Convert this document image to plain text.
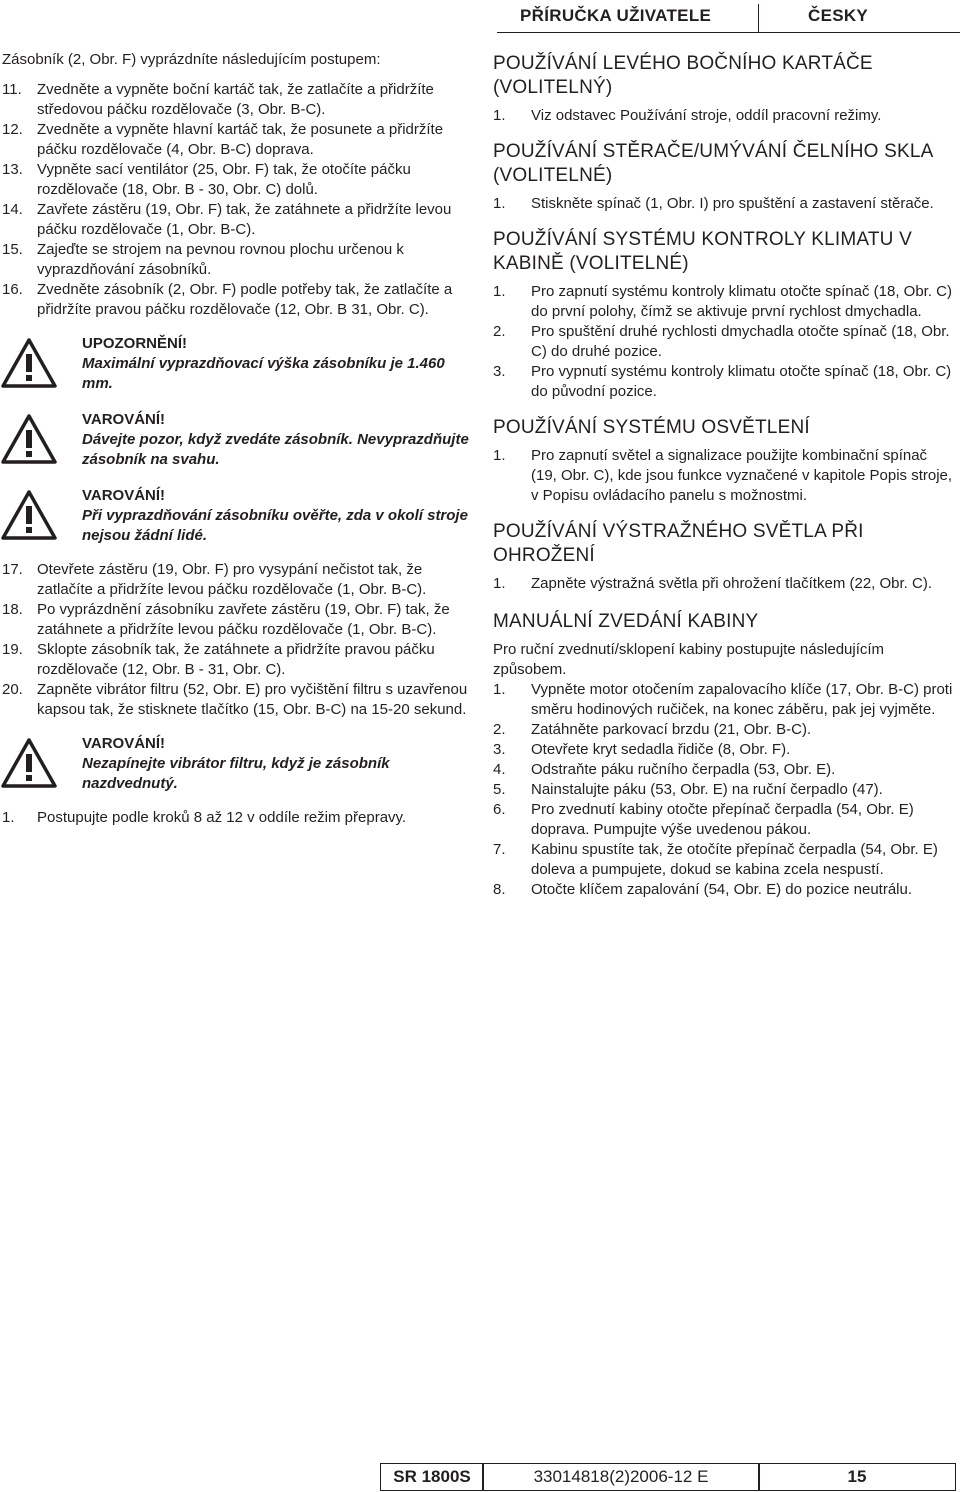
PŘÍRUČKA UŽIVATELE	ČESKY
Zásobník (2, Obr. F) vyprázdníte následujícím postupem:
11. Zvedněte a vypněte boční kartáč tak, že zatlačíte a přidržíte středovou páčku rozdělovače (3, Obr. B-C).
12. Zvedněte a vypněte hlavní kartáč tak, že posunete a přidržíte páčku rozdělovače (4, Obr. B-C) doprava.
13. Vypněte sací ventilátor (25, Obr. F) tak, že otočíte páčku rozdělovače (18, Obr. B - 30, Obr. C) dolů.
14. Zavřete zástěru (19, Obr. F) tak, že zatáhnete a přidržíte levou páčku rozdělovače (1, Obr. B-C).
15. Zajeďte se strojem na pevnou rovnou plochu určenou k vyprazdňování zásobníků.
16. Zvedněte zásobník (2, Obr. F) podle potřeby tak, že zatlačíte a přidržíte pravou páčku rozdělovače (12, Obr. B 31, Obr. C).
UPOZORNĚNÍ!
Maximální vyprazdňovací výška zásobníku je 1.460 mm.
VAROVÁNÍ!
Dávejte pozor, když zvedáte zásobník. Nevyprazdňujte zásobník na svahu.
VAROVÁNÍ!
Při vyprazdňování zásobníku ověřte, zda v okolí stroje nejsou žádní lidé.
17. Otevřete zástěru (19, Obr. F) pro vysypání nečistot tak, že zatlačíte a přidržíte levou páčku rozdělovače (1, Obr. B-C).
18. Po vyprázdnění zásobníku zavřete zástěru (19, Obr. F) tak, že zatáhnete a přidržíte levou páčku rozdělovače (1, Obr. B-C).
19. Sklopte zásobník tak, že zatáhnete a přidržíte pravou páčku rozdělovače (12, Obr. B - 31, Obr. C).
20. Zapněte vibrátor filtru (52, Obr. E) pro vyčištění filtru s uzavřenou kapsou tak, že stisknete tlačítko (15, Obr. B-C) na 15-20 sekund.
VAROVÁNÍ!
Nezapínejte vibrátor filtru, když je zásobník nazdvednutý.
1. Postupujte podle kroků 8 až 12 v oddíle režim přepravy.
POUŽÍVÁNÍ LEVÉHO BOČNÍHO KARTÁČE (VOLITELNÝ)
1. Viz odstavec Používání stroje, oddíl pracovní režimy.
POUŽÍVÁNÍ STĚRAČE/UMÝVÁNÍ ČELNÍHO SKLA (VOLITELNÉ)
1. Stiskněte spínač (1, Obr. I) pro spuštění a zastavení stěrače.
POUŽÍVÁNÍ SYSTÉMU KONTROLY KLIMATU V KABINĚ (VOLITELNÉ)
1. Pro zapnutí systému kontroly klimatu otočte spínač (18, Obr. C) do první polohy, čímž se aktivuje první rychlost dmychadla.
2. Pro spuštění druhé rychlosti dmychadla otočte spínač (18, Obr. C) do druhé pozice.
3. Pro vypnutí systému kontroly klimatu otočte spínač (18, Obr. C) do původní pozice.
POUŽÍVÁNÍ SYSTÉMU OSVĚTLENÍ
1. Pro zapnutí světel a signalizace použijte kombinační spínač (19, Obr. C), kde jsou funkce vyznačené v kapitole Popis stroje, v Popisu ovládacího panelu s možnostmi.
POUŽÍVÁNÍ VÝSTRAŽNÉHO SVĚTLA PŘI OHROŽENÍ
1. Zapněte výstražná světla při ohrožení tlačítkem (22, Obr. C).
MANUÁLNÍ ZVEDÁNÍ KABINY
Pro ruční zvednutí/sklopení kabiny postupujte následujícím způsobem.
1. Vypněte motor otočením zapalovacího klíče (17, Obr. B-C) proti směru hodinových ručiček, na konec záběru, pak jej vyjměte.
2. Zatáhněte parkovací brzdu (21, Obr. B-C).
3. Otevřete kryt sedadla řidiče (8, Obr. F).
4. Odstraňte páku ručního čerpadla (53, Obr. E).
5. Nainstalujte páku (53, Obr. E) na ruční čerpadlo (47).
6. Pro zvednutí kabiny otočte přepínač čerpadla (54, Obr. E) doprava. Pumpujte výše uvedenou pákou.
7. Kabinu spustíte tak, že otočíte přepínač čerpadla (54, Obr. E) doleva a pumpujete, dokud se kabina zcela nespustí.
8. Otočte klíčem zapalování (54, Obr. E) do pozice neutrálu.
SR 1800S	33014818(2)2006-12 E	15
